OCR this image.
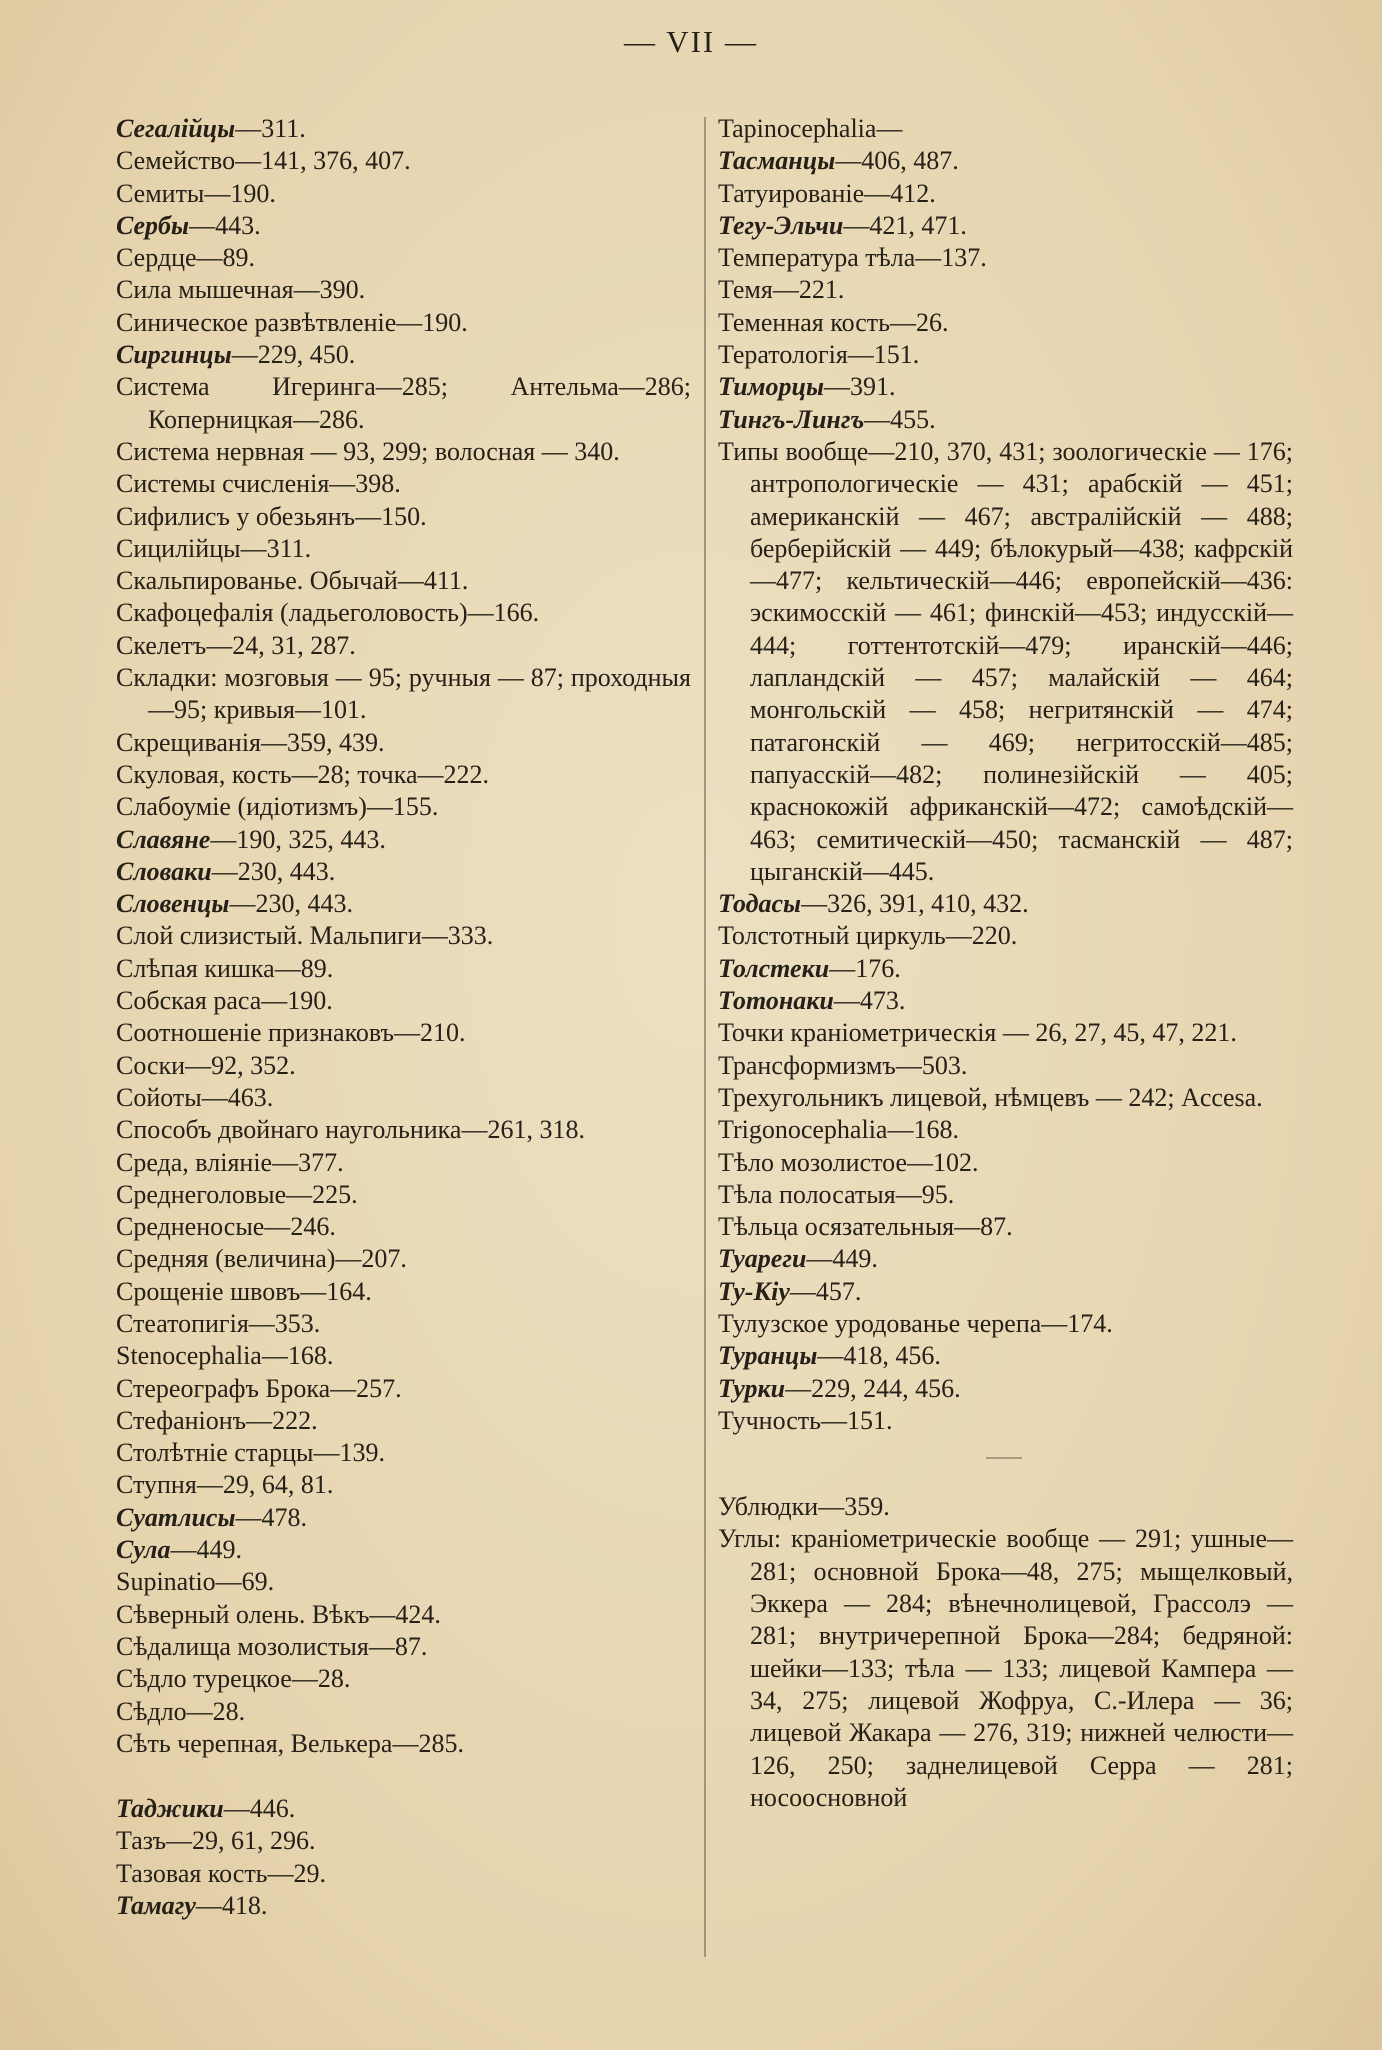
— VII —
Сегалійцы—311.
Семейство—141, 376, 407.
Семиты—190.
Сербы—443.
Сердце—89.
Сила мышечная—390.
Синическое развѣтвленіе—190.
Сиргинцы—229, 450.
Система Игеринга—285; Антельма—286; Коперницкая—286.
Система нервная — 93, 299; волосная — 340.
Системы счисленія—398.
Сифилисъ у обезьянъ—150.
Сицилійцы—311.
Скальпированье. Обычай—411.
Скафоцефалія (ладьеголовость)—166.
Скелетъ—24, 31, 287.
Складки: мозговыя — 95; ручныя — 87; проходныя—95; кривыя—101.
Скрещиванія—359, 439.
Скуловая, кость—28; точка—222.
Слабоуміе (идіотизмъ)—155.
Славяне—190, 325, 443.
Словаки—230, 443.
Словенцы—230, 443.
Слой слизистый. Мальпиги—333.
Слѣпая кишка—89.
Собская раса—190.
Соотношеніе признаковъ—210.
Соски—92, 352.
Сойоты—463.
Способъ двойнаго наугольника—261, 318.
Среда, вліяніе—377.
Среднеголовые—225.
Средненосые—246.
Средняя (величина)—207.
Срощеніе швовъ—164.
Стеатопигія—353.
Stenocephalia—168.
Стереографъ Брока—257.
Стефаніонъ—222.
Столѣтніе старцы—139.
Ступня—29, 64, 81.
Суатлисы—478.
Сула—449.
Supinatio—69.
Сѣверный олень. Вѣкъ—424.
Сѣдалища мозолистыя—87.
Сѣдло турецкое—28.
Сѣдло—28.
Сѣть черепная, Велькера—285.
Таджики—446.
Тазъ—29, 61, 296.
Тазовая кость—29.
Тамагу—418.
Tapinocephalia—
Тасманцы—406, 487.
Татуированіе—412.
Тегу-Эльчи—421, 471.
Температура тѣла—137.
Темя—221.
Теменная кость—26.
Тератологія—151.
Тиморцы—391.
Тингъ-Лингъ—455.
Типы вообще—210, 370, 431; зоологическіе — 176; антропологическіе — 431; арабскій — 451; американскій — 467; австралійскій — 488; берберійскій — 449; бѣлокурый—438; кафрскій—477; кельтическій—446; европейскій—436: эскимосскій — 461; финскій—453; индусскій—444; готтентотскій—479; иранскій—446; лапландскій — 457; малайскій — 464; монгольскій — 458; негритянскій — 474; патагонскій — 469; негритосскій—485; папуасскій—482; полинезійскій — 405; краснокожій африканскій—472; самоѣдскій—463; семитическій—450; тасманскій — 487; цыганскій—445.
Тодасы—326, 391, 410, 432.
Толстотный циркуль—220.
Толстеки—176.
Тотонаки—473.
Точки краніометрическія — 26, 27, 45, 47, 221.
Трансформизмъ—503.
Трехугольникъ лицевой, нѣмцевъ — 242; Accesa.
Trigonocephalia—168.
Тѣло мозолистое—102.
Тѣла полосатыя—95.
Тѣльца осязательныя—87.
Туареги—449.
Ту-Кіу—457.
Тулузское уродованье черепа—174.
Туранцы—418, 456.
Турки—229, 244, 456.
Тучность—151.
Ублюдки—359.
Углы: краніометрическіе вообще — 291; ушные—281; основной Брока—48, 275; мыщелковый, Эккера — 284; вѣнечнолицевой, Грассолэ — 281; внутричерепной Брока—284; бедряной: шейки—133; тѣла — 133; лицевой Кампера — 34, 275; лицевой Жофруа, С.-Илера — 36; лицевой Жакара — 276, 319; нижней челюсти—126, 250; заднелицевой Серра — 281; носоосновной
